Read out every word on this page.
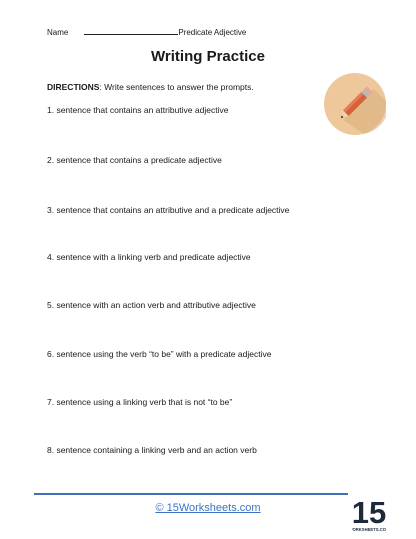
Name	Predicate Adjective
Writing Practice
DIRECTIONS: Write sentences to answer the prompts.
1. sentence that contains an attributive adjective
2. sentence that contains a predicate adjective
3. sentence that contains an attributive and a predicate adjective
4. sentence with a linking verb and predicate adjective
5. sentence with an action verb and attributive adjective
6. sentence using the verb “to be” with a predicate adjective
7. sentence using a linking verb that is not “to be”
8. sentence containing a linking verb and an action verb
© 15Worksheets.com	15
ORKSHEETS.CO
